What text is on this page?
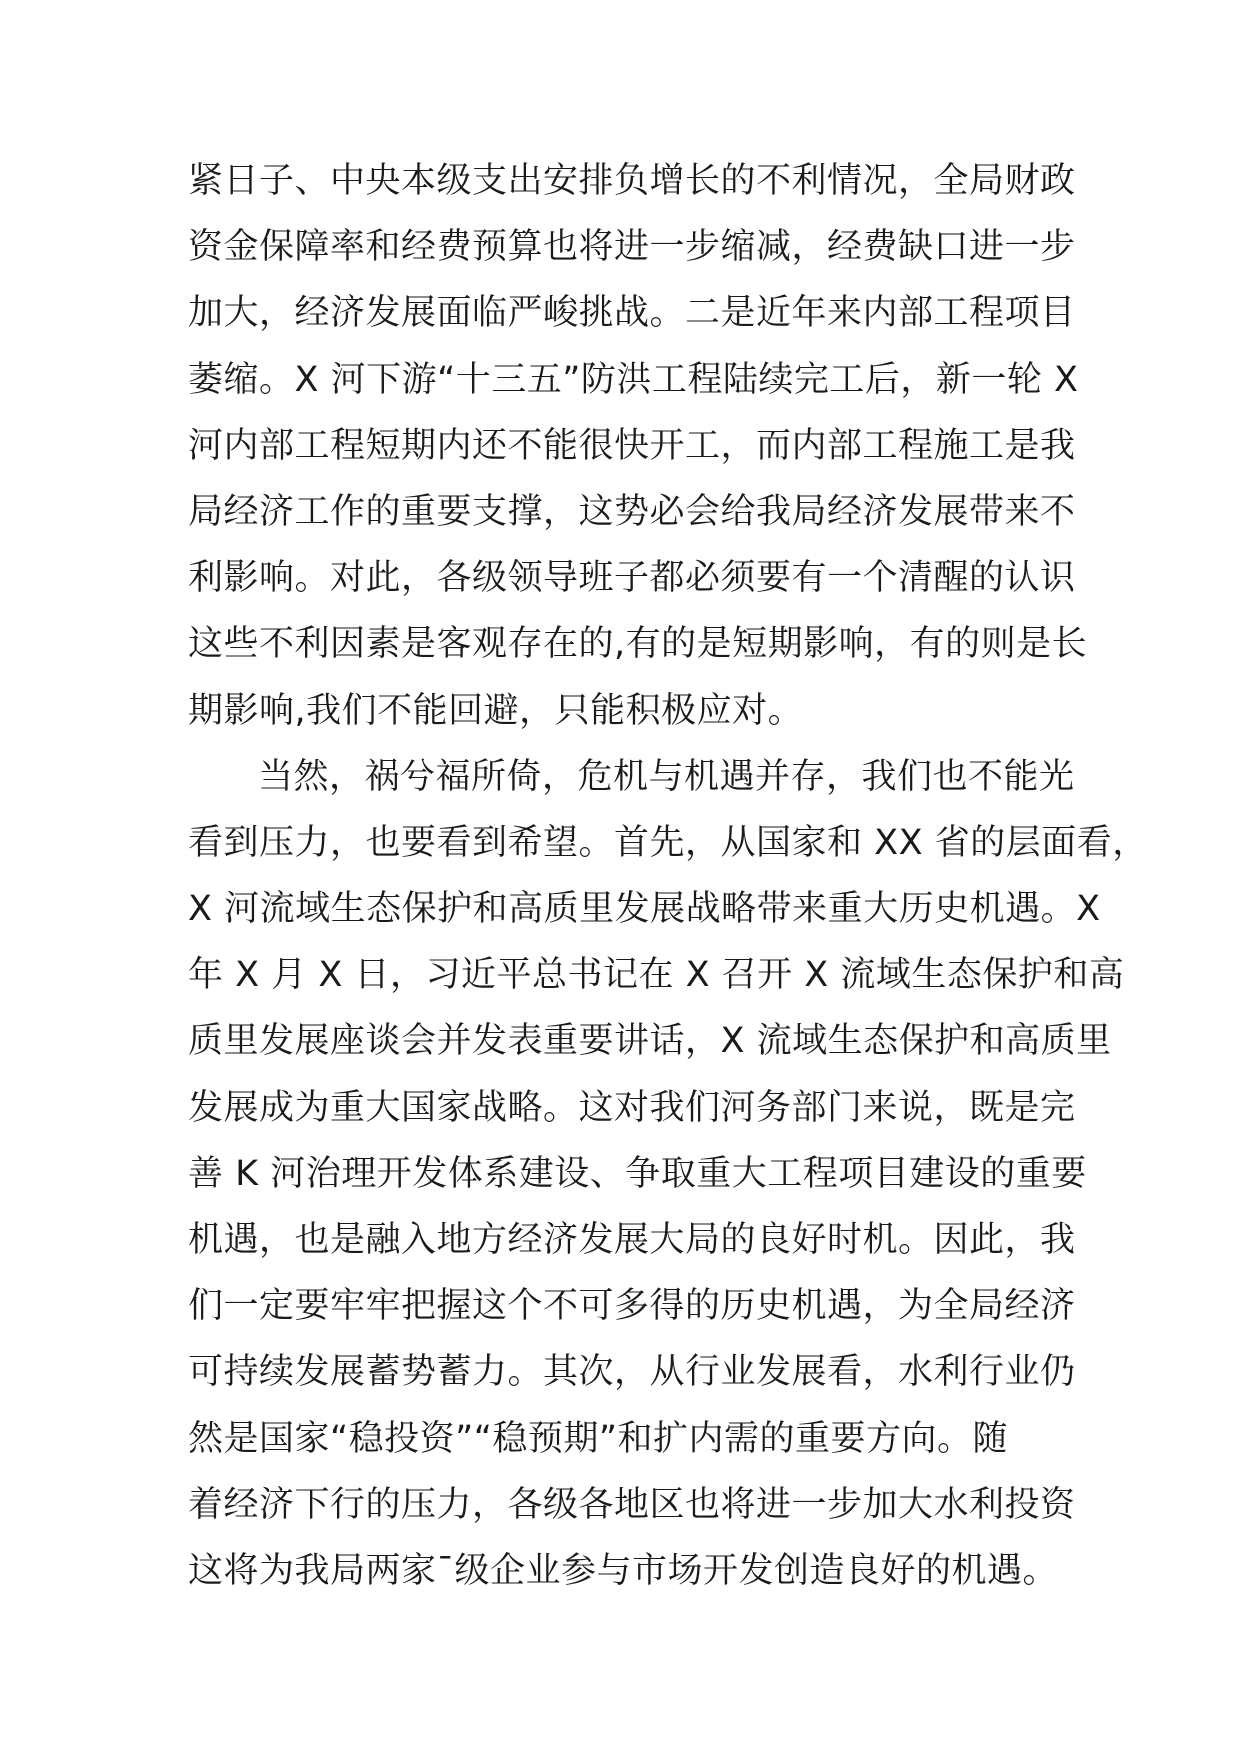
紧日子、中央本级支出安排负增长的不利情况，全局财政
资金保障率和经费预算也将进一步缩减，经费缺口进一步
加大，经济发展面临严峻挑战。二是近年来内部工程项目
萎缩。X 河下游“十三五”防洪工程陆续完工后，新一轮 X
河内部工程短期内还不能很快开工，而内部工程施工是我
局经济工作的重要支撑，这势必会给我局经济发展带来不
利影响。对此，各级领导班子都必须要有一个清醒的认识
这些不利因素是客观存在的,有的是短期影响，有的则是长
期影响,我们不能回避，只能积极应对。
当然，祸兮福所倚，危机与机遇并存，我们也不能光
看到压力，也要看到希望。首先，从国家和 XX 省的层面看，
X 河流域生态保护和高质里发展战略带来重大历史机遇。X
年 X 月 X 日，习近平总书记在 X 召开 X 流域生态保护和高
质里发展座谈会并发表重要讲话，X 流域生态保护和高质里
发展成为重大国家战略。这对我们河务部门来说，既是完
善 K 河治理开发体系建设、争取重大工程项目建设的重要
机遇，也是融入地方经济发展大局的良好时机。因此，我
们一定要牢牢把握这个不可多得的历史机遇，为全局经济
可持续发展蓄势蓄力。其次，从行业发展看，水利行业仍
然是国家“稳投资”“稳预期”和扩内需的重要方向。随
着经济下行的压力，各级各地区也将进一步加大水利投资
这将为我局两家¯级企业参与市场开发创造良好的机遇。
